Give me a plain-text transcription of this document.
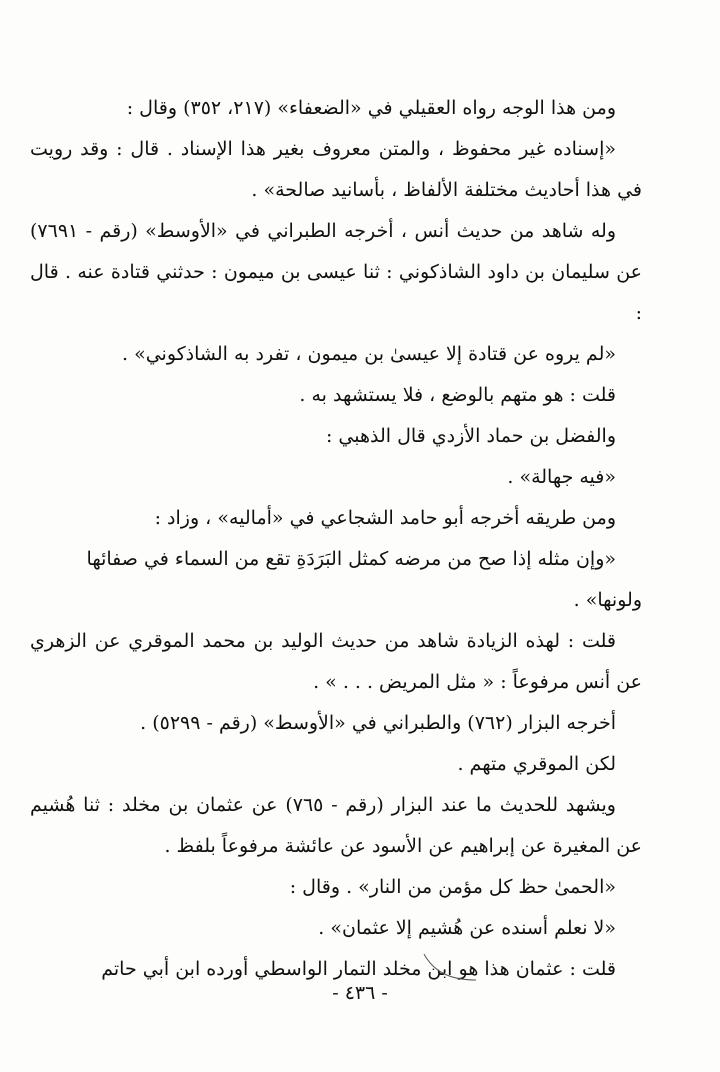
ومن هذا الوجه رواه العقيلي في «الضعفاء» (٢١٧، ٣٥٢) وقال :

«إسناده غير محفوظ ، والمتن معروف بغير هذا الإسناد . قال : وقد رويت في هذا أحاديث مختلفة الألفاظ ، بأسانيد صالحة» .

وله شاهد من حديث أنس ، أخرجه الطبراني في «الأوسط» (رقم - ٧٦٩١) عن سليمان بن داود الشاذكوني : ثنا عيسى بن ميمون : حدثني قتادة عنه . قال :

«لم يروه عن قتادة إلا عيسىٰ بن ميمون ، تفرد به الشاذكوني» .

قلت : هو متهم بالوضع ، فلا يستشهد به .

والفضل بن حماد الأزدي قال الذهبي :

«فيه جهالة» .

ومن طريقه أخرجه أبو حامد الشجاعي في «أماليه» ، وزاد :

«وإن مثله إذا صح من مرضه كمثل البَرَدَةِ تقع من السماء في صفائها ولونها» .

قلت : لهذه الزيادة شاهد من حديث الوليد بن محمد الموقري عن الزهري عن أنس مرفوعاً : « مثل المريض . . . » .

أخرجه البزار (٧٦٢) والطبراني في «الأوسط» (رقم - ٥٢٩٩) .

لكن الموقري متهم .

ويشهد للحديث ما عند البزار (رقم - ٧٦٥) عن عثمان بن مخلد : ثنا هُشيم عن المغيرة عن إبراهيم عن الأسود عن عائشة مرفوعاً بلفظ .

«الحمىٰ حظ كل مؤمن من النار» . وقال :

«لا نعلم أسنده عن هُشيم إلا عثمان» .

قلت : عثمان هذا هو ابن مخلد التمار الواسطي أورده ابن أبي حاتم

- ٤٣٦ -
